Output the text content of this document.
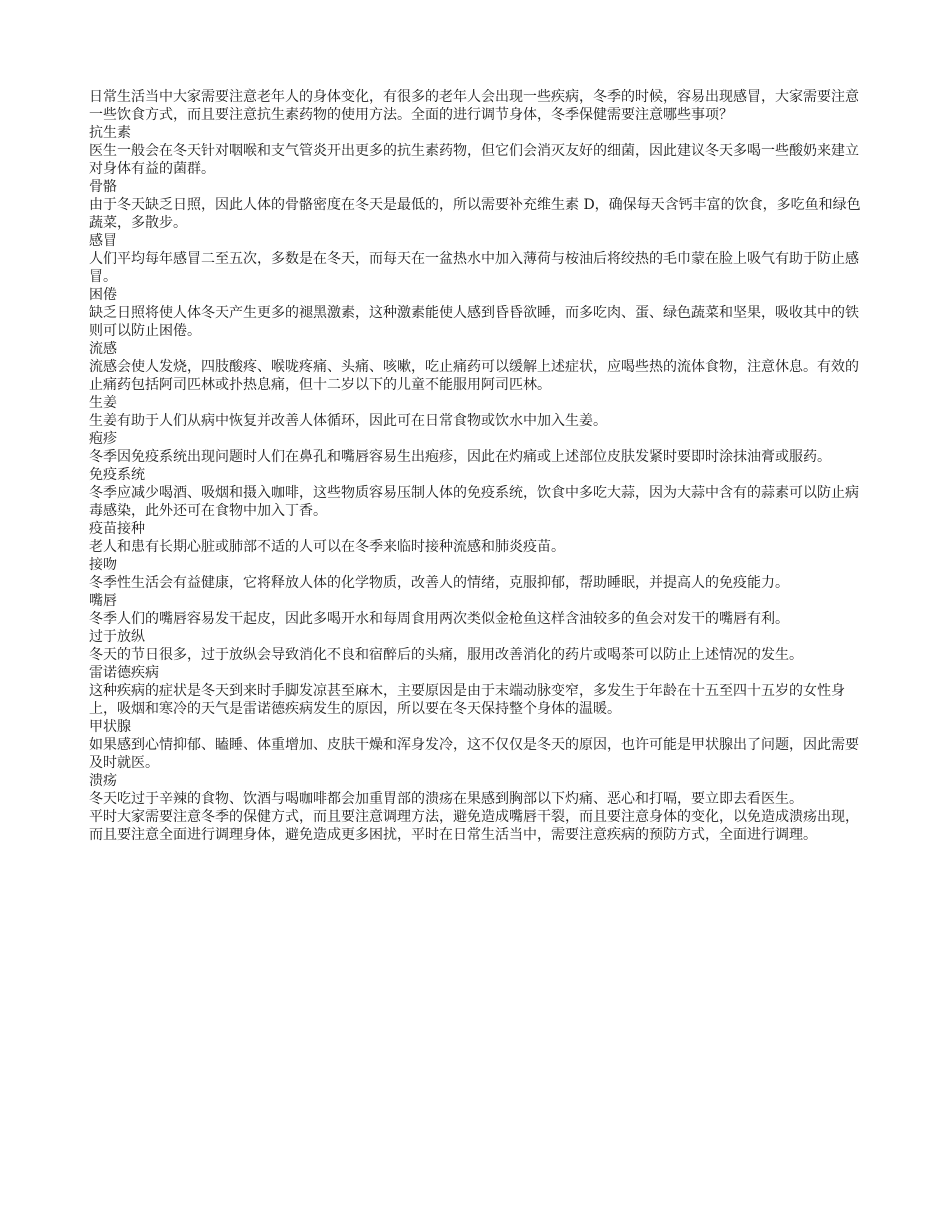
日常生活当中大家需要注意老年人的身体变化，有很多的老年人会出现一些疾病，冬季的时候，容易出现感冒，大家需要注意一些饮食方式，而且要注意抗生素药物的使用方法。全面的进行调节身体，冬季保健需要注意哪些事项？

抗生素

医生一般会在冬天针对咽喉和支气管炎开出更多的抗生素药物，但它们会消灭友好的细菌，因此建议冬天多喝一些酸奶来建立对身体有益的菌群。

骨骼

由于冬天缺乏日照，因此人体的骨骼密度在冬天是最低的，所以需要补充维生素 D，确保每天含钙丰富的饮食，多吃鱼和绿色蔬菜，多散步。

感冒

人们平均每年感冒二至五次，多数是在冬天，而每天在一盆热水中加入薄荷与桉油后将绞热的毛巾蒙在脸上吸气有助于防止感冒。

困倦

缺乏日照将使人体冬天产生更多的褪黑激素，这种激素能使人感到昏昏欲睡，而多吃肉、蛋、绿色蔬菜和坚果，吸收其中的铁则可以防止困倦。

流感

流感会使人发烧，四肢酸疼、喉咙疼痛、头痛、咳嗽，吃止痛药可以缓解上述症状，应喝些热的流体食物，注意休息。有效的止痛药包括阿司匹林或扑热息痛，但十二岁以下的儿童不能服用阿司匹林。

生姜

生姜有助于人们从病中恢复并改善人体循环，因此可在日常食物或饮水中加入生姜。

疱疹

冬季因免疫系统出现问题时人们在鼻孔和嘴唇容易生出疱疹，因此在灼痛或上述部位皮肤发紧时要即时涂抹油膏或服药。

免疫系统

冬季应减少喝酒、吸烟和摄入咖啡，这些物质容易压制人体的免疫系统，饮食中多吃大蒜，因为大蒜中含有的蒜素可以防止病毒感染，此外还可在食物中加入丁香。

疫苗接种

老人和患有长期心脏或肺部不适的人可以在冬季来临时接种流感和肺炎疫苗。

接吻

冬季性生活会有益健康，它将释放人体的化学物质，改善人的情绪，克服抑郁，帮助睡眠，并提高人的免疫能力。

嘴唇

冬季人们的嘴唇容易发干起皮，因此多喝开水和每周食用两次类似金枪鱼这样含油较多的鱼会对发干的嘴唇有利。

过于放纵

冬天的节日很多，过于放纵会导致消化不良和宿醉后的头痛，服用改善消化的药片或喝茶可以防止上述情况的发生。

雷诺德疾病

这种疾病的症状是冬天到来时手脚发凉甚至麻木，主要原因是由于末端动脉变窄，多发生于年龄在十五至四十五岁的女性身上，吸烟和寒冷的天气是雷诺德疾病发生的原因，所以要在冬天保持整个身体的温暖。

甲状腺

如果感到心情抑郁、瞌睡、体重增加、皮肤干燥和浑身发冷，这不仅仅是冬天的原因，也许可能是甲状腺出了问题，因此需要及时就医。

溃疡

冬天吃过于辛辣的食物、饮酒与喝咖啡都会加重胃部的溃疡在果感到胸部以下灼痛、恶心和打嗝，要立即去看医生。

平时大家需要注意冬季的保健方式，而且要注意调理方法，避免造成嘴唇干裂，而且要注意身体的变化，以免造成溃疡出现，而且要注意全面进行调理身体，避免造成更多困扰，平时在日常生活当中，需要注意疾病的预防方式，全面进行调理。
